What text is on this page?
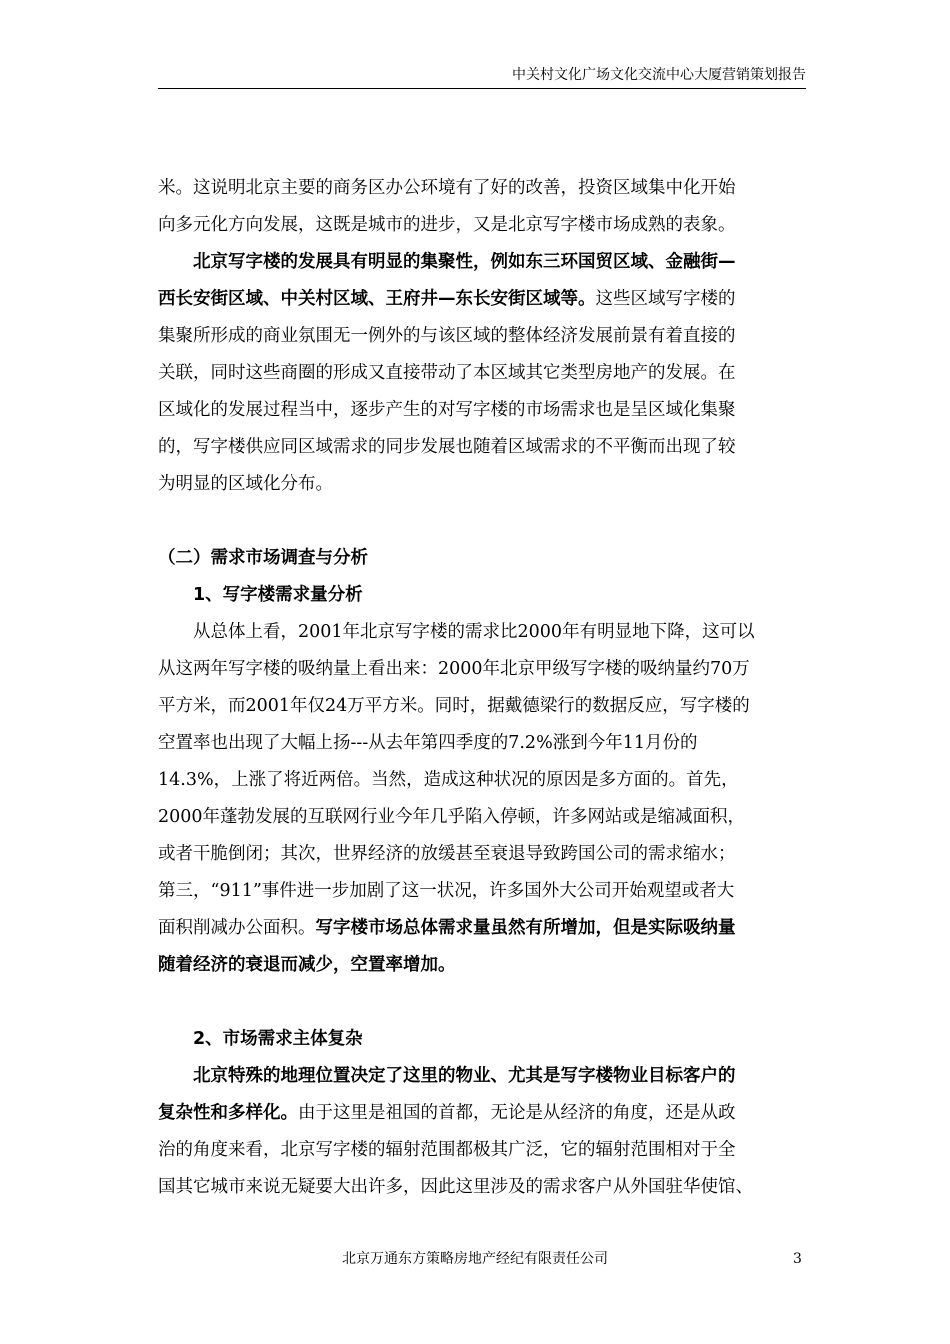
中关村文化广场文化交流中心大厦营销策划报告

米。这说明北京主要的商务区办公环境有了好的改善，投资区域集中化开始

向多元化方向发展，这既是城市的进步，又是北京写字楼市场成熟的表象。

北京写字楼的发展具有明显的集聚性，例如东三环国贸区域、金融街—

西长安街区域、中关村区域、王府井—东长安街区域等。这些区域写字楼的

集聚所形成的商业氛围无一例外的与该区域的整体经济发展前景有着直接的

关联，同时这些商圈的形成又直接带动了本区域其它类型房地产的发展。在

区域化的发展过程当中，逐步产生的对写字楼的市场需求也是呈区域化集聚

的，写字楼供应同区域需求的同步发展也随着区域需求的不平衡而出现了较

为明显的区域化分布。

（二）需求市场调查与分析

1、写字楼需求量分析

从总体上看，2001年北京写字楼的需求比2000年有明显地下降，这可以

从这两年写字楼的吸纳量上看出来：2000年北京甲级写字楼的吸纳量约70万

平方米，而2001年仅24万平方米。同时，据戴德梁行的数据反应，写字楼的

空置率也出现了大幅上扬---从去年第四季度的7.2%涨到今年11月份的

14.3%，上涨了将近两倍。当然，造成这种状况的原因是多方面的。首先，

2000年蓬勃发展的互联网行业今年几乎陷入停顿，许多网站或是缩减面积，

或者干脆倒闭；其次，世界经济的放缓甚至衰退导致跨国公司的需求缩水；

第三，“911”事件进一步加剧了这一状况，许多国外大公司开始观望或者大

面积削减办公面积。写字楼市场总体需求量虽然有所增加，但是实际吸纳量

随着经济的衰退而减少，空置率增加。

2、市场需求主体复杂

北京特殊的地理位置决定了这里的物业、尤其是写字楼物业目标客户的

复杂性和多样化。由于这里是祖国的首都，无论是从经济的角度，还是从政

治的角度来看，北京写字楼的辐射范围都极其广泛，它的辐射范围相对于全

国其它城市来说无疑要大出许多，因此这里涉及的需求客户从外国驻华使馆、

北京万通东方策略房地产经纪有限责任公司	3
